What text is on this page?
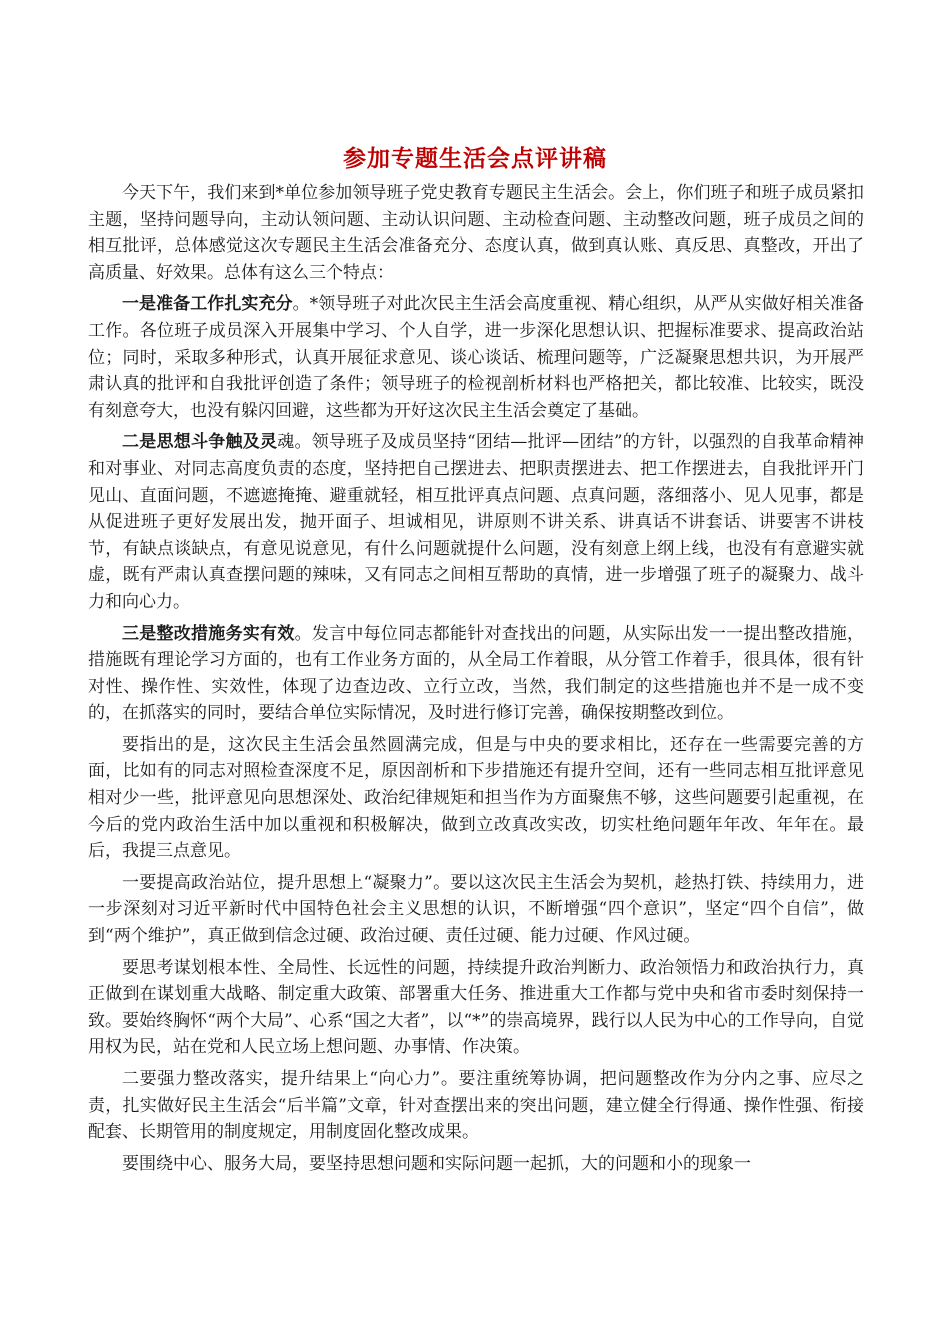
参加专题生活会点评讲稿

今天下午，我们来到*单位参加领导班子党史教育专题民主生活会。会上，你们班子和班子成员紧扣主题，坚持问题导向，主动认领问题、主动认识问题、主动检查问题、主动整改问题，班子成员之间的相互批评，总体感觉这次专题民主生活会准备充分、态度认真，做到真认账、真反思、真整改，开出了高质量、好效果。总体有这么三个特点：

一是准备工作扎实充分。*领导班子对此次民主生活会高度重视、精心组织，从严从实做好相关准备工作。各位班子成员深入开展集中学习、个人自学，进一步深化思想认识、把握标准要求、提高政治站位；同时，采取多种形式，认真开展征求意见、谈心谈话、梳理问题等，广泛凝聚思想共识，为开展严肃认真的批评和自我批评创造了条件；领导班子的检视剖析材料也严格把关，都比较准、比较实，既没有刻意夸大，也没有躲闪回避，这些都为开好这次民主生活会奠定了基础。

二是思想斗争触及灵魂。领导班子及成员坚持“团结—批评—团结”的方针，以强烈的自我革命精神和对事业、对同志高度负责的态度，坚持把自己摆进去、把职责摆进去、把工作摆进去，自我批评开门见山、直面问题，不遮遮掩掩、避重就轻，相互批评真点问题、点真问题，落细落小、见人见事，都是从促进班子更好发展出发，抛开面子、坦诚相见，讲原则不讲关系、讲真话不讲套话、讲要害不讲枝节，有缺点谈缺点，有意见说意见，有什么问题就提什么问题，没有刻意上纲上线，也没有有意避实就虚，既有严肃认真查摆问题的辣味，又有同志之间相互帮助的真情，进一步增强了班子的凝聚力、战斗力和向心力。

三是整改措施务实有效。发言中每位同志都能针对查找出的问题，从实际出发一一提出整改措施，措施既有理论学习方面的，也有工作业务方面的，从全局工作着眼，从分管工作着手，很具体，很有针对性、操作性、实效性，体现了边查边改、立行立改，当然，我们制定的这些措施也并不是一成不变的，在抓落实的同时，要结合单位实际情况，及时进行修订完善，确保按期整改到位。

要指出的是，这次民主生活会虽然圆满完成，但是与中央的要求相比，还存在一些需要完善的方面，比如有的同志对照检查深度不足，原因剖析和下步措施还有提升空间，还有一些同志相互批评意见相对少一些，批评意见向思想深处、政治纪律规矩和担当作为方面聚焦不够，这些问题要引起重视，在今后的党内政治生活中加以重视和积极解决，做到立改真改实改，切实杜绝问题年年改、年年在。最后，我提三点意见。

一要提高政治站位，提升思想上“凝聚力”。要以这次民主生活会为契机，趁热打铁、持续用力，进一步深刻对习近平新时代中国特色社会主义思想的认识，不断增强“四个意识”，坚定“四个自信”，做到“两个维护”，真正做到信念过硬、政治过硬、责任过硬、能力过硬、作风过硬。

要思考谋划根本性、全局性、长远性的问题，持续提升政治判断力、政治领悟力和政治执行力，真正做到在谋划重大战略、制定重大政策、部署重大任务、推进重大工作都与党中央和省市委时刻保持一致。要始终胸怀“两个大局”、心系“国之大者”，以“*”的崇高境界，践行以人民为中心的工作导向，自觉用权为民，站在党和人民立场上想问题、办事情、作决策。

二要强力整改落实，提升结果上“向心力”。要注重统筹协调，把问题整改作为分内之事、应尽之责，扎实做好民主生活会“后半篇”文章，针对查摆出来的突出问题，建立健全行得通、操作性强、衔接配套、长期管用的制度规定，用制度固化整改成果。

要围绕中心、服务大局，要坚持思想问题和实际问题一起抓，大的问题和小的现象一
